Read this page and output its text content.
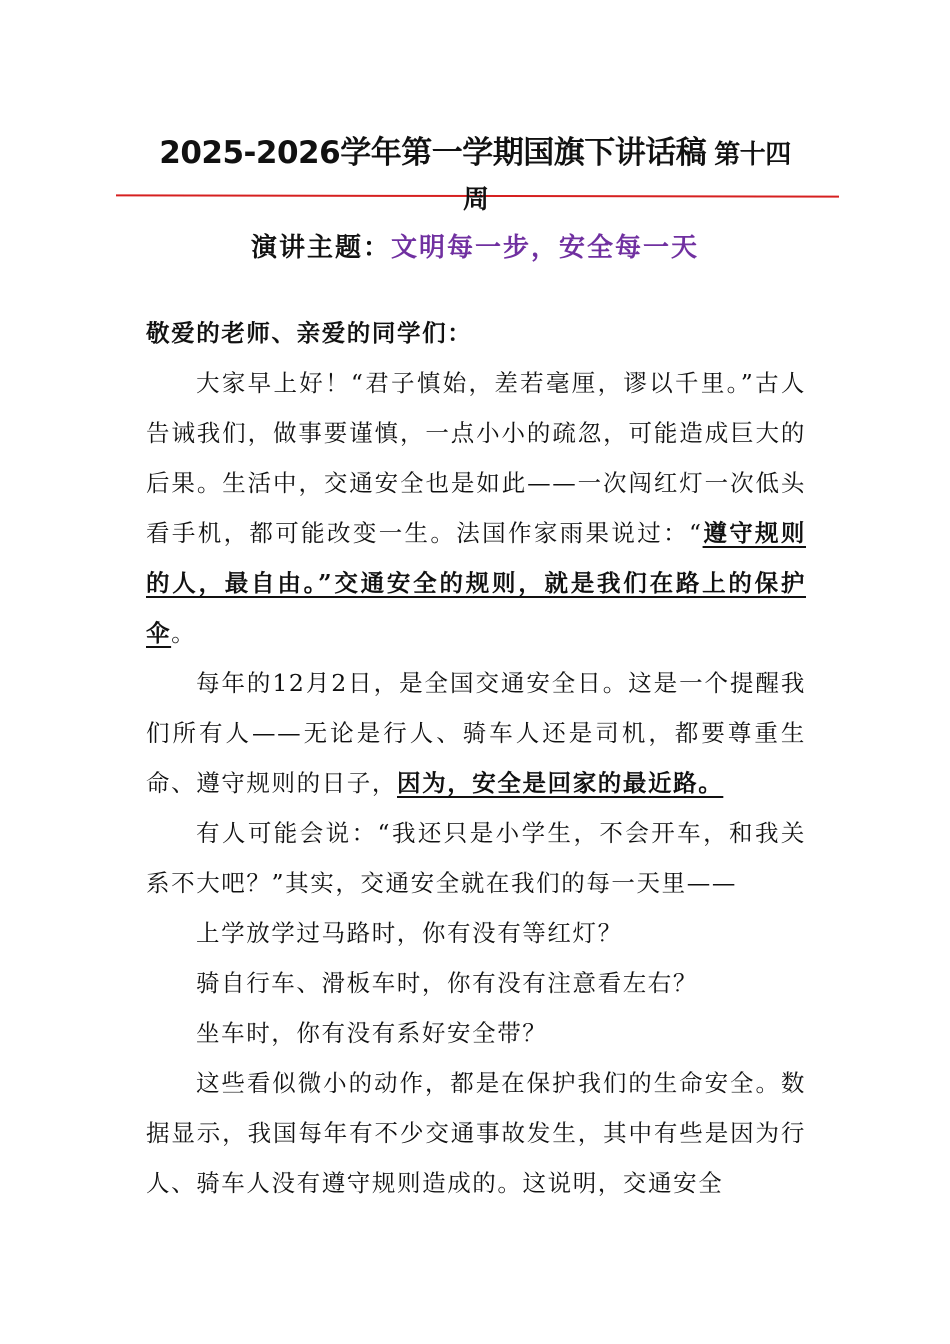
2025-2026学年第一学期国旗下讲话稿 第十四
周
演讲主题：文明每一步，安全每一天

敬爱的老师、亲爱的同学们：

大家早上好！“君子慎始，差若毫厘，谬以千里。”古人告诫我们，做事要谨慎，一点小小的疏忽，可能造成巨大的后果。生活中，交通安全也是如此——一次闯红灯一次低头看手机，都可能改变一生。法国作家雨果说过：“遵守规则的人，最自由。”交通安全的规则，就是我们在路上的保护伞。

每年的12月2日，是全国交通安全日。这是一个提醒我们所有人——无论是行人、骑车人还是司机，都要尊重生命、遵守规则的日子，因为，安全是回家的最近路。

有人可能会说：“我还只是小学生，不会开车，和我关系不大吧？”其实，交通安全就在我们的每一天里——

上学放学过马路时，你有没有等红灯？

骑自行车、滑板车时，你有没有注意看左右？

坐车时，你有没有系好安全带？

这些看似微小的动作，都是在保护我们的生命安全。数据显示，我国每年有不少交通事故发生，其中有些是因为行人、骑车人没有遵守规则造成的。这说明，交通安全
